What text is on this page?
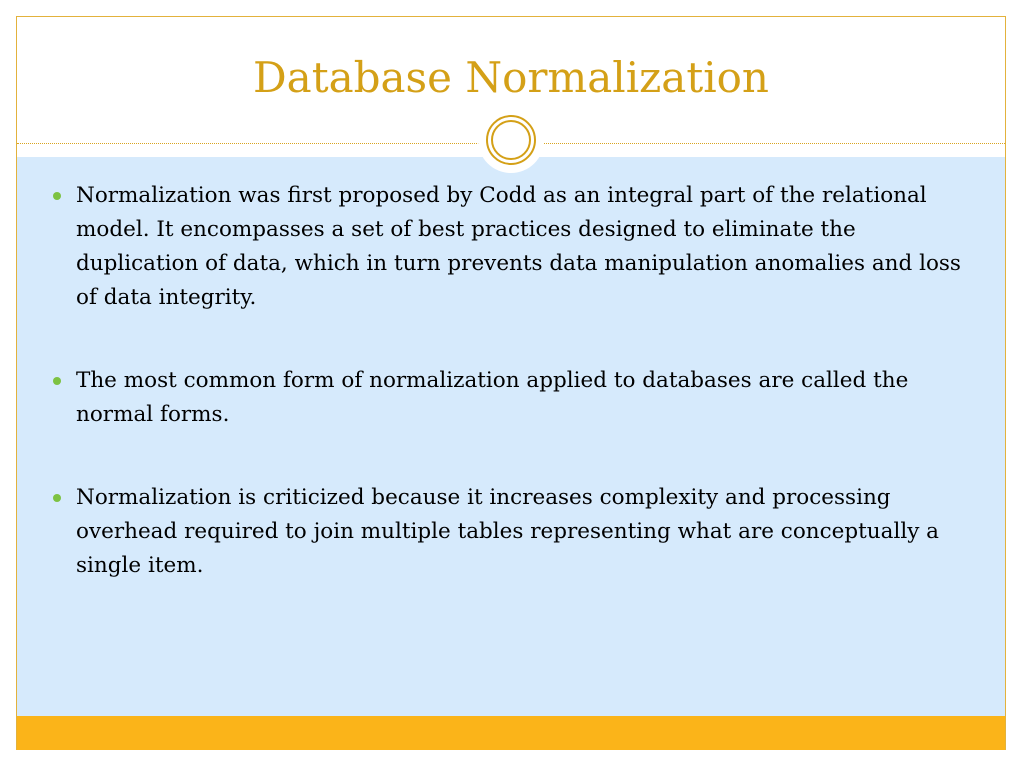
Database Normalization
Normalization was first proposed by Codd as an integral part of the relational model. It encompasses a set of best practices designed to eliminate the duplication of data, which in turn prevents data manipulation anomalies and loss of data integrity.
The most common form of normalization applied to databases are called the normal forms.
Normalization is criticized because it increases complexity and processing overhead required to join multiple tables representing what are conceptually a single item.
